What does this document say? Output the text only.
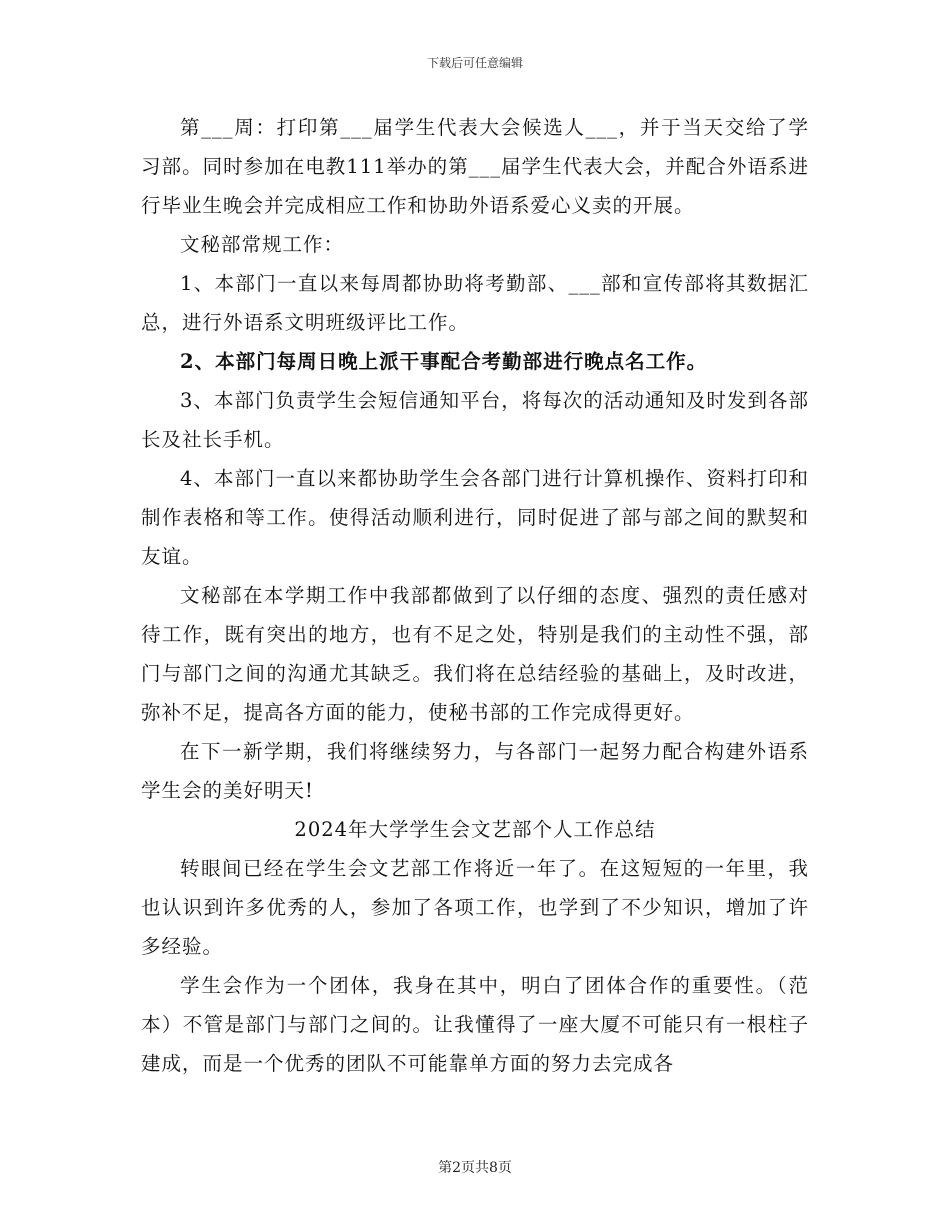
下载后可任意编辑

第___周：打印第___届学生代表大会候选人___，并于当天交给了学习部。同时参加在电教111举办的第___届学生代表大会，并配合外语系进行毕业生晚会并完成相应工作和协助外语系爱心义卖的开展。

文秘部常规工作：

1、本部门一直以来每周都协助将考勤部、___部和宣传部将其数据汇总，进行外语系文明班级评比工作。

2、本部门每周日晚上派干事配合考勤部进行晚点名工作。

3、本部门负责学生会短信通知平台，将每次的活动通知及时发到各部长及社长手机。

4、本部门一直以来都协助学生会各部门进行计算机操作、资料打印和制作表格和等工作。使得活动顺利进行，同时促进了部与部之间的默契和友谊。

文秘部在本学期工作中我部都做到了以仔细的态度、强烈的责任感对待工作，既有突出的地方，也有不足之处，特别是我们的主动性不强，部门与部门之间的沟通尤其缺乏。我们将在总结经验的基础上，及时改进，弥补不足，提高各方面的能力，使秘书部的工作完成得更好。

在下一新学期，我们将继续努力，与各部门一起努力配合构建外语系学生会的美好明天!

2024年大学学生会文艺部个人工作总结

转眼间已经在学生会文艺部工作将近一年了。在这短短的一年里，我也认识到许多优秀的人，参加了各项工作，也学到了不少知识，增加了许多经验。

学生会作为一个团体，我身在其中，明白了团体合作的重要性。（范本）不管是部门与部门之间的。让我懂得了一座大厦不可能只有一根柱子建成，而是一个优秀的团队不可能靠单方面的努力去完成各

第2页共8页
